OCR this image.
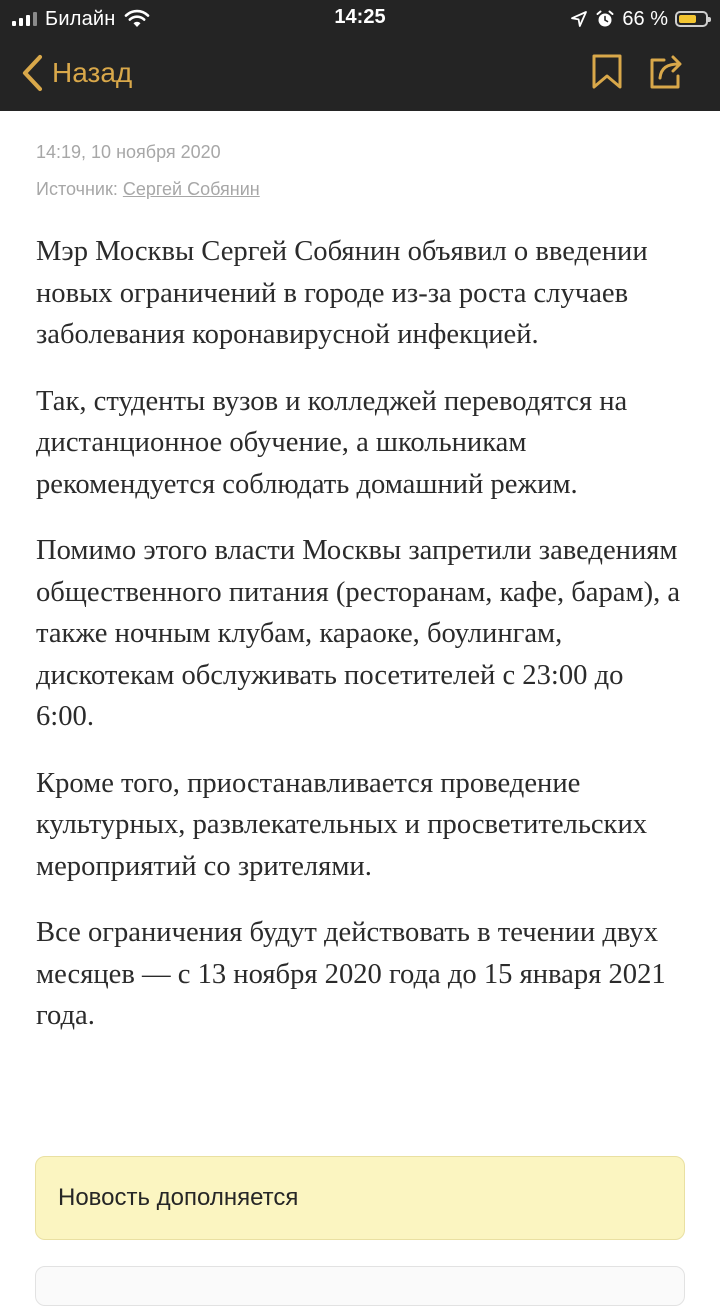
Билайн	14:25	66 %
Назад
14:19, 10 ноября 2020
Источник: Сергей Собянин

Мэр Москвы Сергей Собянин объявил о введении новых ограничений в городе из-за роста случаев заболевания коронавирусной инфекцией.

Так, студенты вузов и колледжей переводятся на дистанционное обучение, а школьникам рекомендуется соблюдать домашний режим.

Помимо этого власти Москвы запретили заведениям общественного питания (ресторанам, кафе, барам), а также ночным клубам, караоке, боулингам, дискотекам обслуживать посетителей с 23:00 до 6:00.

Кроме того, приостанавливается проведение культурных, развлекательных и просветительских мероприятий со зрителями.

Все ограничения будут действовать в течении двух месяцев — с 13 ноября 2020 года до 15 января 2021 года.

Новость дополняется
